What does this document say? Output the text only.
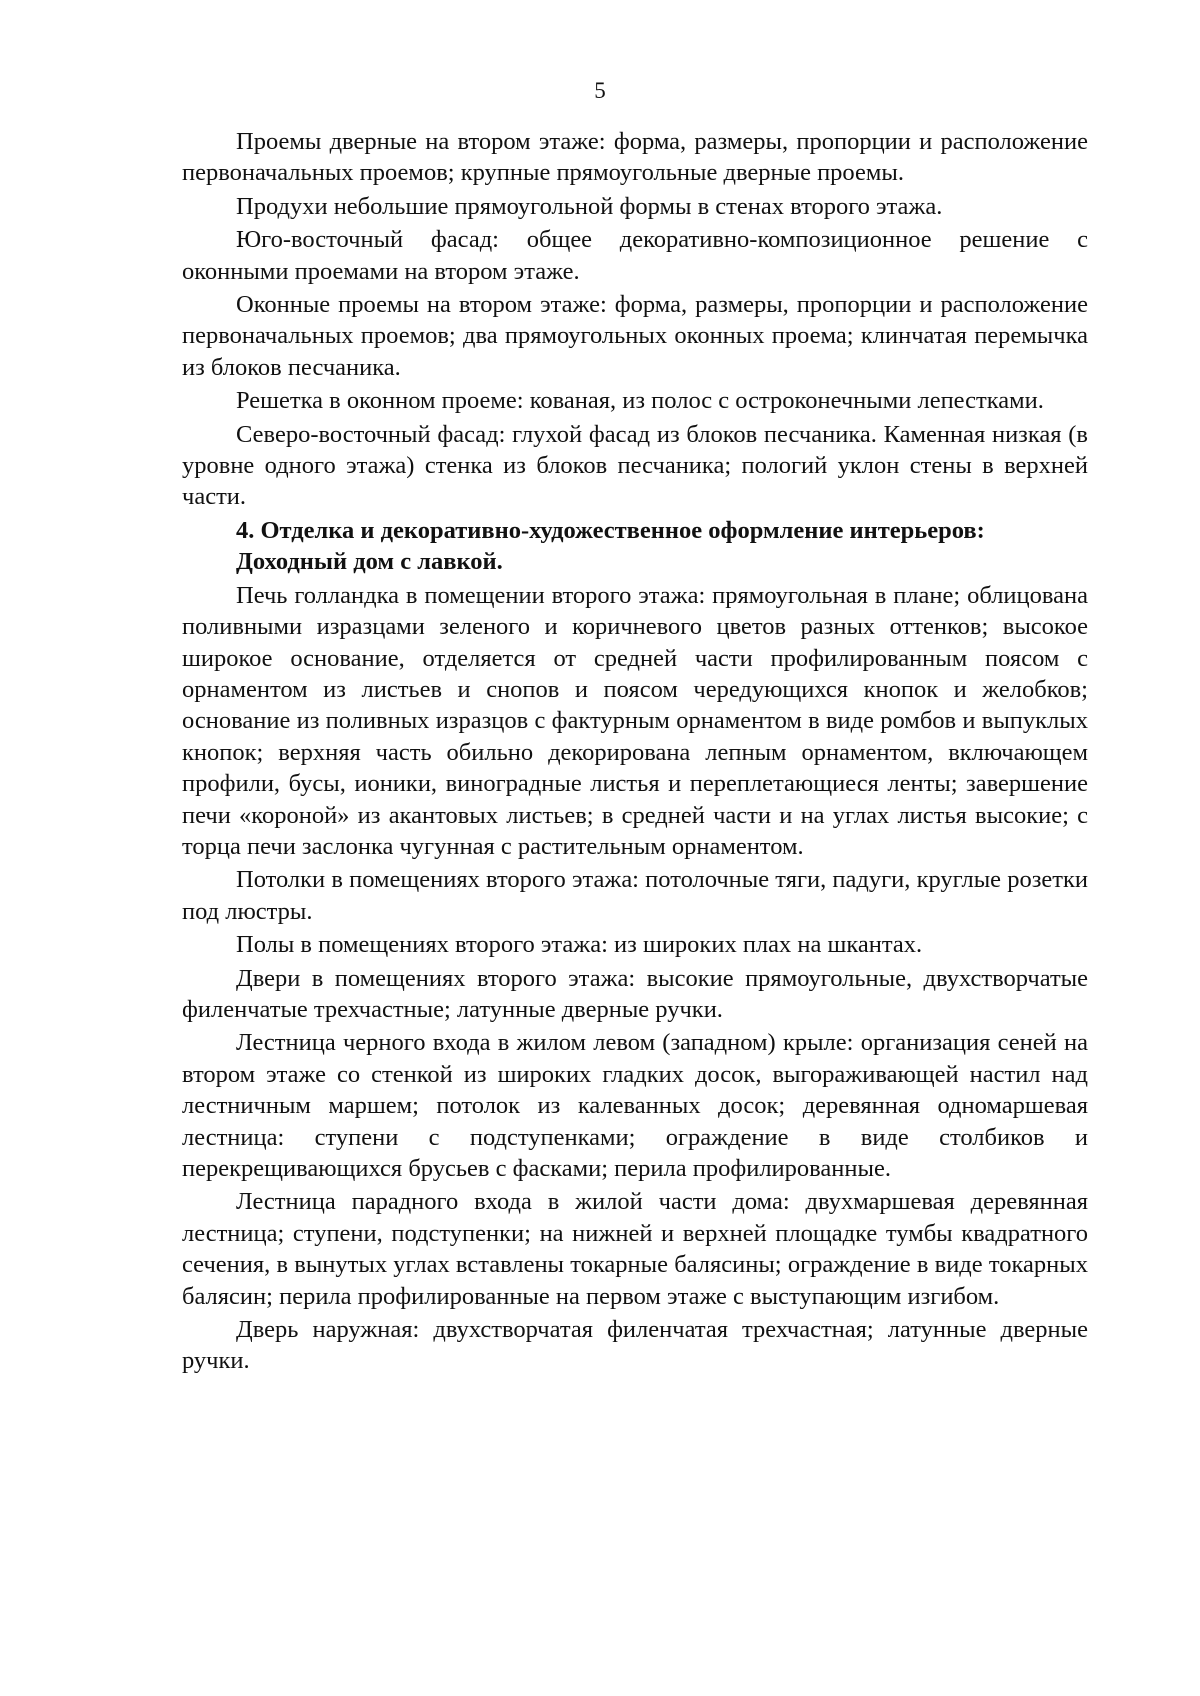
5

Проемы дверные на втором этаже: форма, размеры, пропорции и расположение первоначальных проемов; крупные прямоугольные дверные проемы.

Продухи небольшие прямоугольной формы в стенах второго этажа.

Юго-восточный фасад: общее декоративно-композиционное решение с оконными проемами на втором этаже.

Оконные проемы на втором этаже: форма, размеры, пропорции и расположение первоначальных проемов; два прямоугольных оконных проема; клинчатая перемычка из блоков песчаника.

Решетка в оконном проеме: кованая, из полос с остроконечными лепестками.

Северо-восточный фасад: глухой фасад из блоков песчаника. Каменная низкая (в уровне одного этажа) стенка из блоков песчаника; пологий уклон стены в верхней части.

4. Отделка и декоративно-художественное оформление интерьеров:

Доходный дом с лавкой.

Печь голландка в помещении второго этажа: прямоугольная в плане; облицована поливными изразцами зеленого и коричневого цветов разных оттенков; высокое широкое основание, отделяется от средней части профилированным поясом с орнаментом из листьев и снопов и поясом чередующихся кнопок и желобков; основание из поливных изразцов с фактурным орнаментом в виде ромбов и выпуклых кнопок; верхняя часть обильно декорирована лепным орнаментом, включающем профили, бусы, ионики, виноградные листья и переплетающиеся ленты; завершение печи «короной» из акантовых листьев; в средней части и на углах листья высокие; с торца печи заслонка чугунная с растительным орнаментом.

Потолки в помещениях второго этажа: потолочные тяги, падуги, круглые розетки под люстры.

Полы в помещениях второго этажа: из широких плах на шкантах.

Двери в помещениях второго этажа: высокие прямоугольные, двухстворчатые филенчатые трехчастные; латунные дверные ручки.

Лестница черного входа в жилом левом (западном) крыле: организация сеней на втором этаже со стенкой из широких гладких досок, выгораживающей настил над лестничным маршем; потолок из калеванных досок; деревянная одномаршевая лестница: ступени с подступенками; ограждение в виде столбиков и перекрещивающихся брусьев с фасками; перила профилированные.

Лестница парадного входа в жилой части дома: двухмаршевая деревянная лестница; ступени, подступенки; на нижней и верхней площадке тумбы квадратного сечения, в вынутых углах вставлены токарные балясины; ограждение в виде токарных балясин; перила профилированные на первом этаже с выступающим изгибом.

Дверь наружная: двухстворчатая филенчатая трехчастная; латунные дверные ручки.
